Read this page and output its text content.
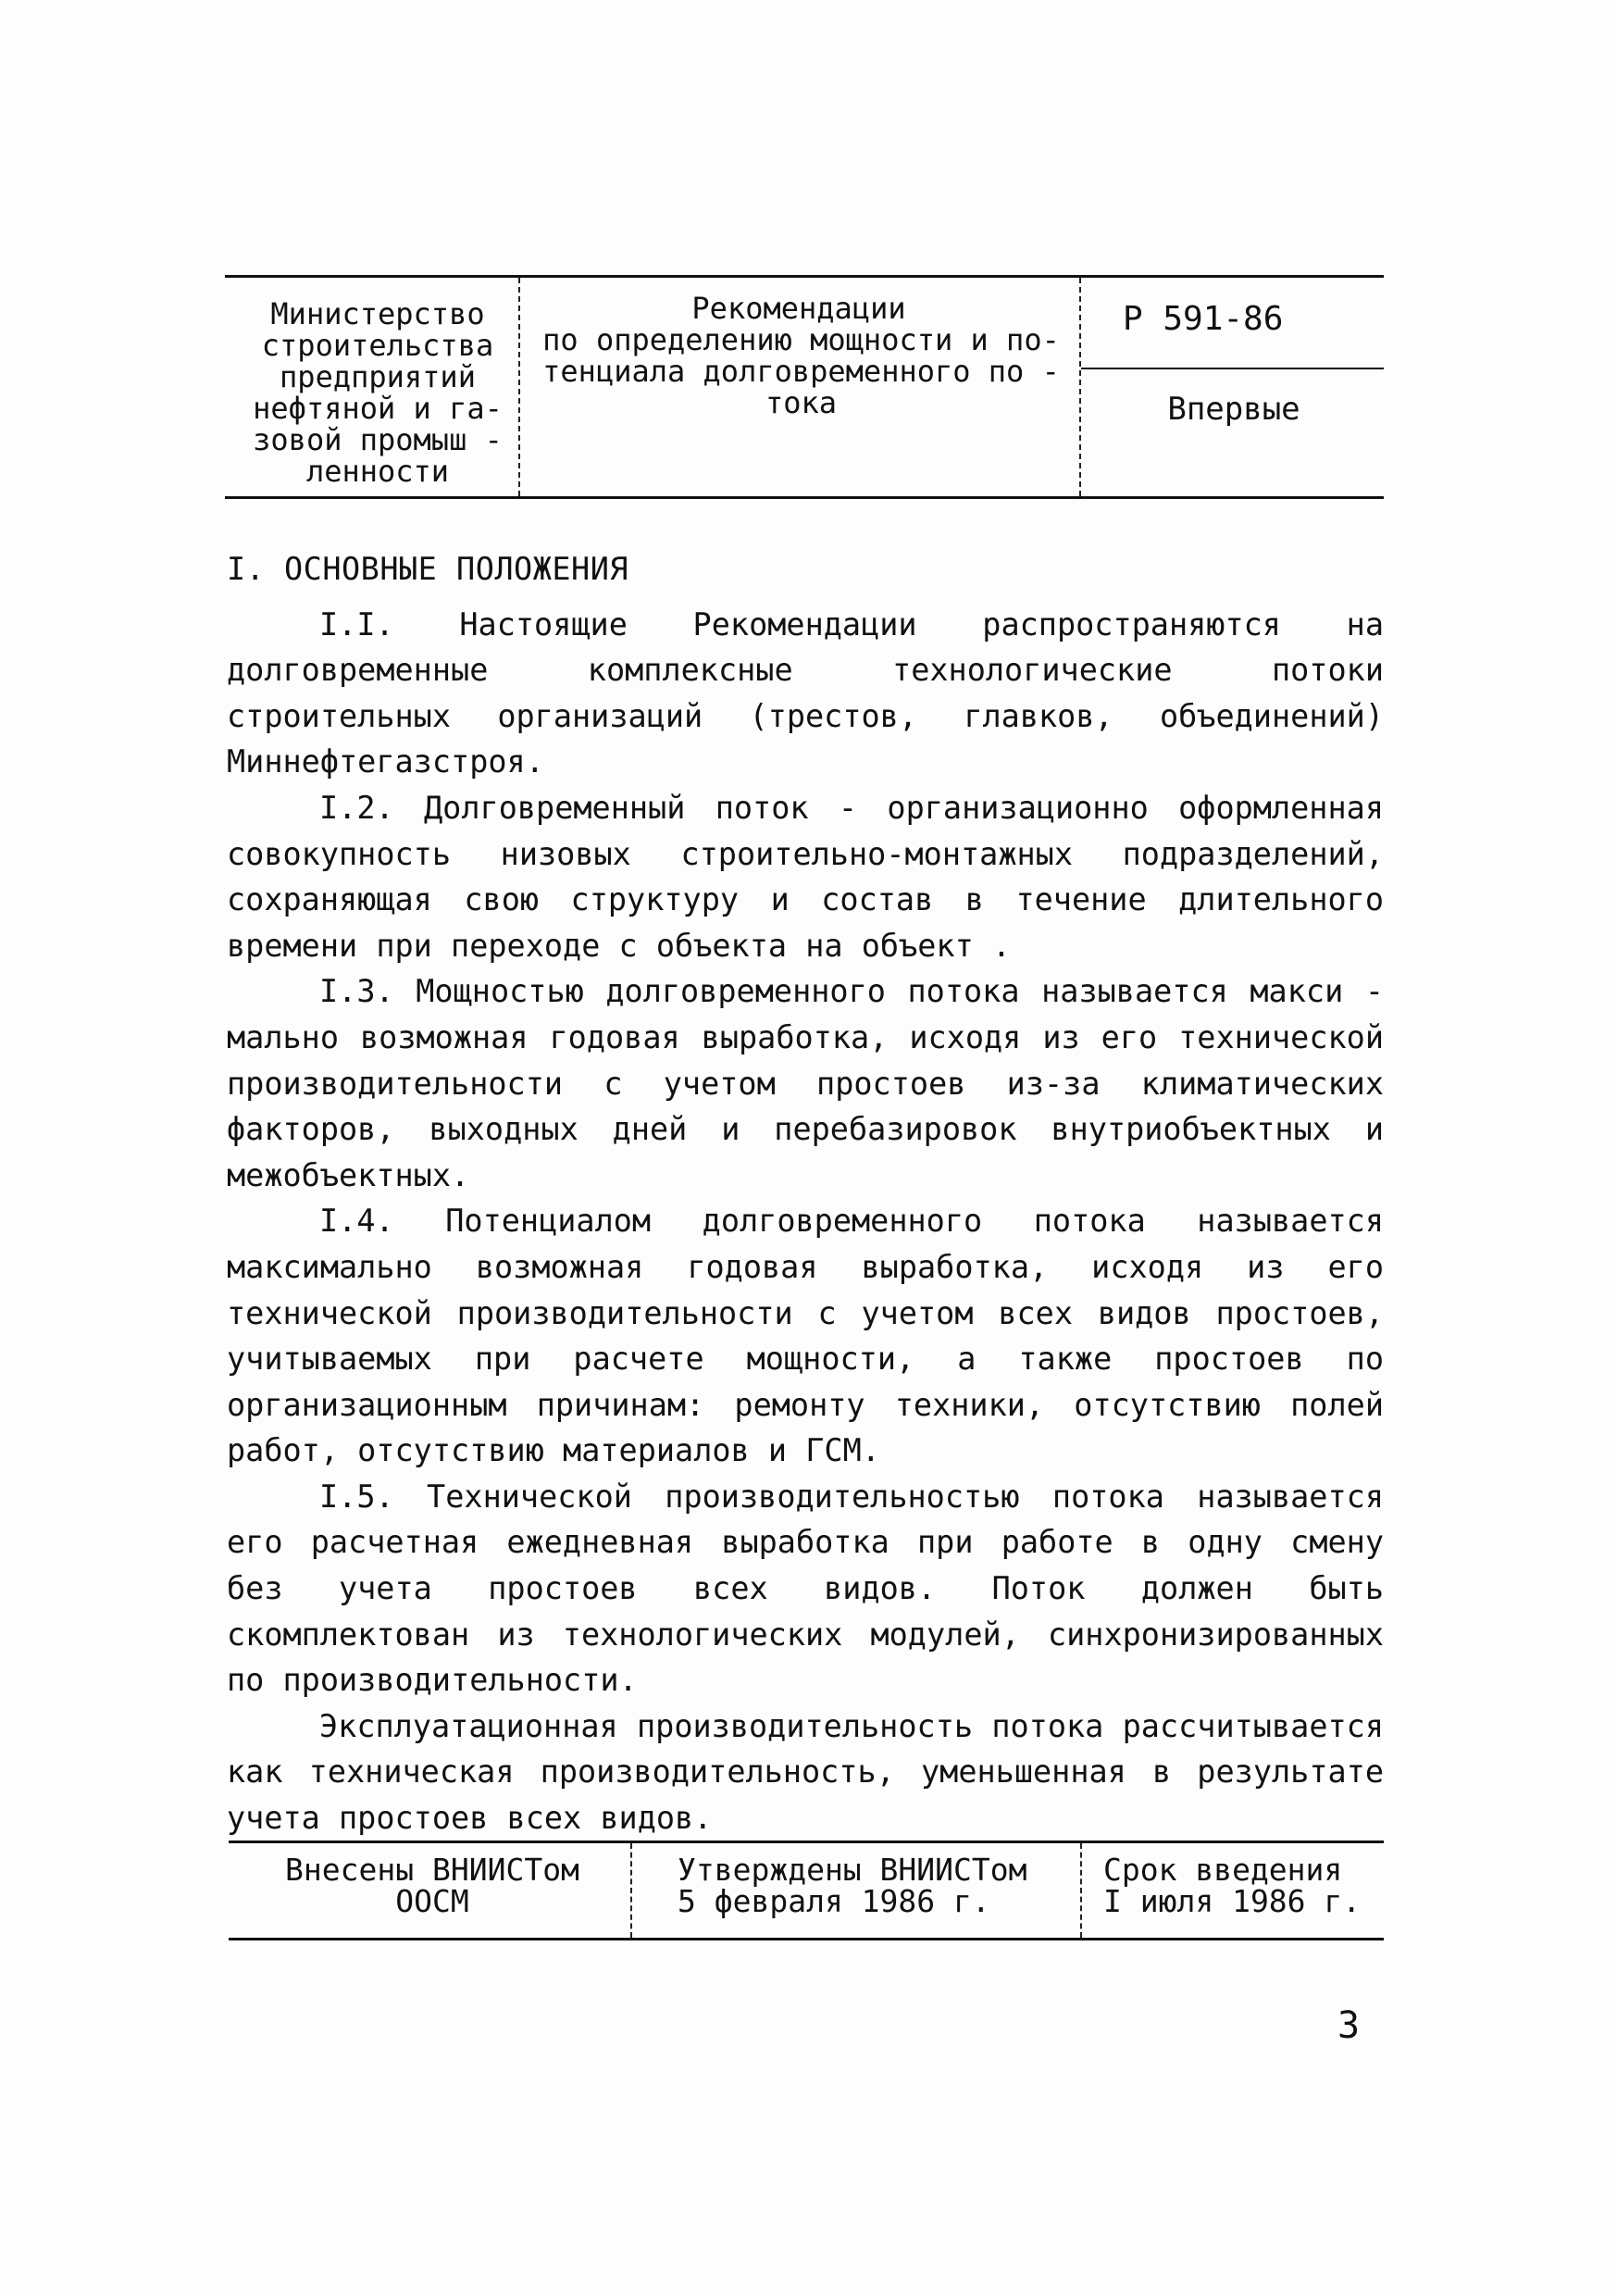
Министерство
строительства
предприятий
нефтяной и га-
зовой промыш -
ленности
Рекомендации
по определению мощности и по-
тенциала долговременного по -
тока
Р 591-86
Впервые
I. ОСНОВНЫЕ ПОЛОЖЕНИЯ

I.I. Настоящие Рекомендации распространяются на долговременные комплексные технологические потоки строительных организаций (трестов, главков, объединений) Миннефтегазстроя.

I.2. Долговременный поток - организационно оформленная совокупность низовых строительно-монтажных подразделений, сохраняющая свою структуру и состав в течение длительного времени при переходе с объекта на объект .

I.3. Мощностью долговременного потока называется макси - мально возможная годовая выработка, исходя из его технической производительности с учетом простоев из-за климатических факторов, выходных дней и перебазировок внутриобъектных и межобъектных.

I.4. Потенциалом долговременного потока называется максимально возможная годовая выработка, исходя из его технической производительности с учетом всех видов простоев, учитываемых при расчете мощности, а также простоев по организационным причинам: ремонту техники, отсутствию полей работ, отсутствию материалов и ГСМ.

I.5. Технической производительностью потока называется его расчетная ежедневная выработка при работе в одну смену без учета простоев всех видов. Поток должен быть скомплектован из технологических модулей, синхронизированных по производительности.

Эксплуатационная производительность потока рассчитывается как техническая производительность, уменьшенная в результате учета простоев всех видов.

Внесены ВНИИСТом
ООСМ
Утверждены ВНИИСТом
5 февраля 1986 г.
Срок введения
I июля 1986 г.
3
